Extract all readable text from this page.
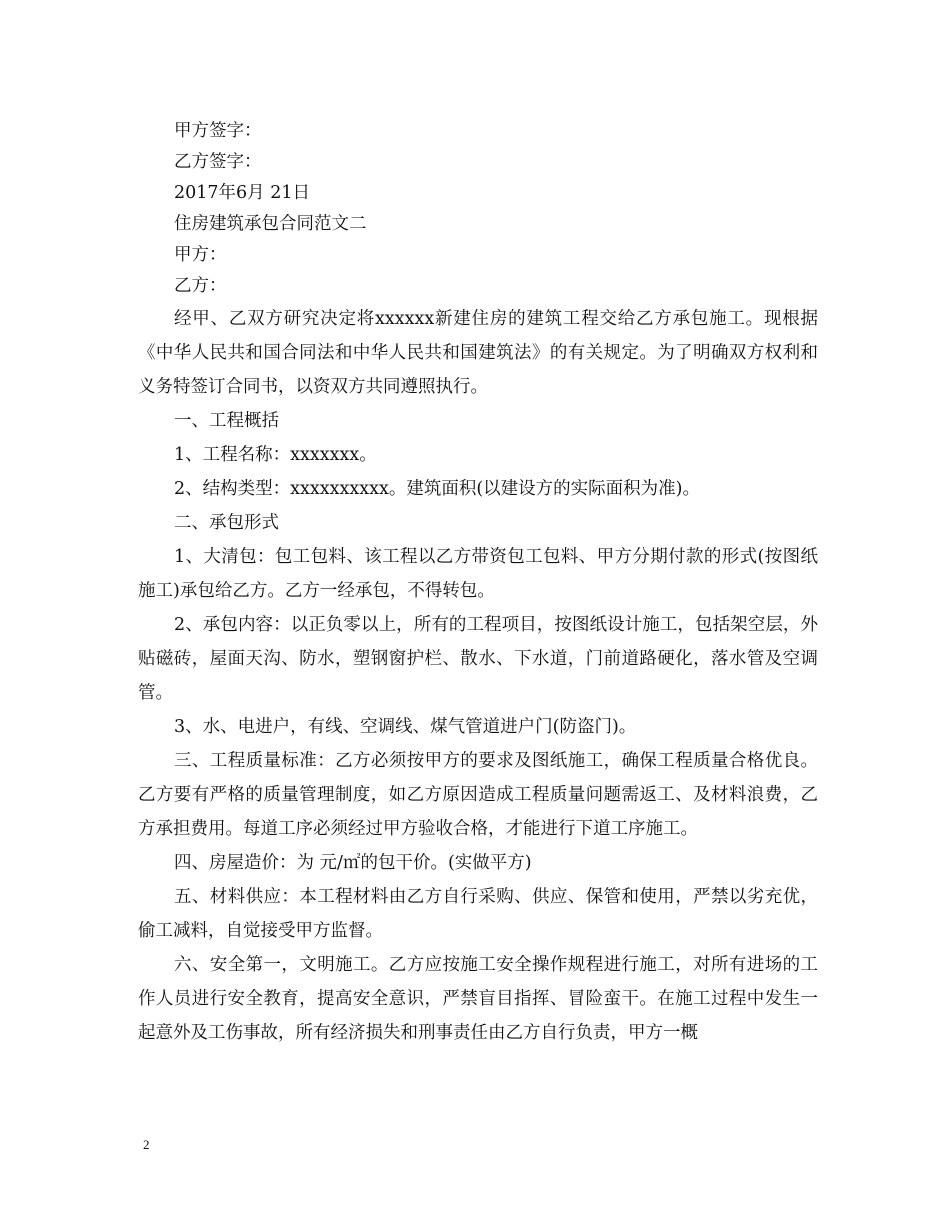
甲方签字：

乙方签字：

2017年6月 21日

住房建筑承包合同范文二

甲方：

乙方：

经甲、乙双方研究决定将xxxxxx新建住房的建筑工程交给乙方承包施工。现根据《中华人民共和国合同法和中华人民共和国建筑法》的有关规定。为了明确双方权利和义务特签订合同书，以资双方共同遵照执行。

一、工程概括

1、工程名称：xxxxxxx。

2、结构类型：xxxxxxxxxx。建筑面积(以建设方的实际面积为准)。

二、承包形式

1、大清包：包工包料、该工程以乙方带资包工包料、甲方分期付款的形式(按图纸施工)承包给乙方。乙方一经承包，不得转包。

2、承包内容：以正负零以上，所有的工程项目，按图纸设计施工，包括架空层，外贴磁砖，屋面天沟、防水，塑钢窗护栏、散水、下水道，门前道路硬化，落水管及空调管。

3、水、电进户，有线、空调线、煤气管道进户门(防盗门)。

三、工程质量标准：乙方必须按甲方的要求及图纸施工，确保工程质量合格优良。乙方要有严格的质量管理制度，如乙方原因造成工程质量问题需返工、及材料浪费，乙方承担费用。每道工序必须经过甲方验收合格，才能进行下道工序施工。

四、房屋造价：为 元/㎡的包干价。(实做平方)

五、材料供应：本工程材料由乙方自行采购、供应、保管和使用，严禁以劣充优，偷工减料，自觉接受甲方监督。

六、安全第一，文明施工。乙方应按施工安全操作规程进行施工，对所有进场的工作人员进行安全教育，提高安全意识，严禁盲目指挥、冒险蛮干。在施工过程中发生一起意外及工伤事故，所有经济损失和刑事责任由乙方自行负责，甲方一概

2
